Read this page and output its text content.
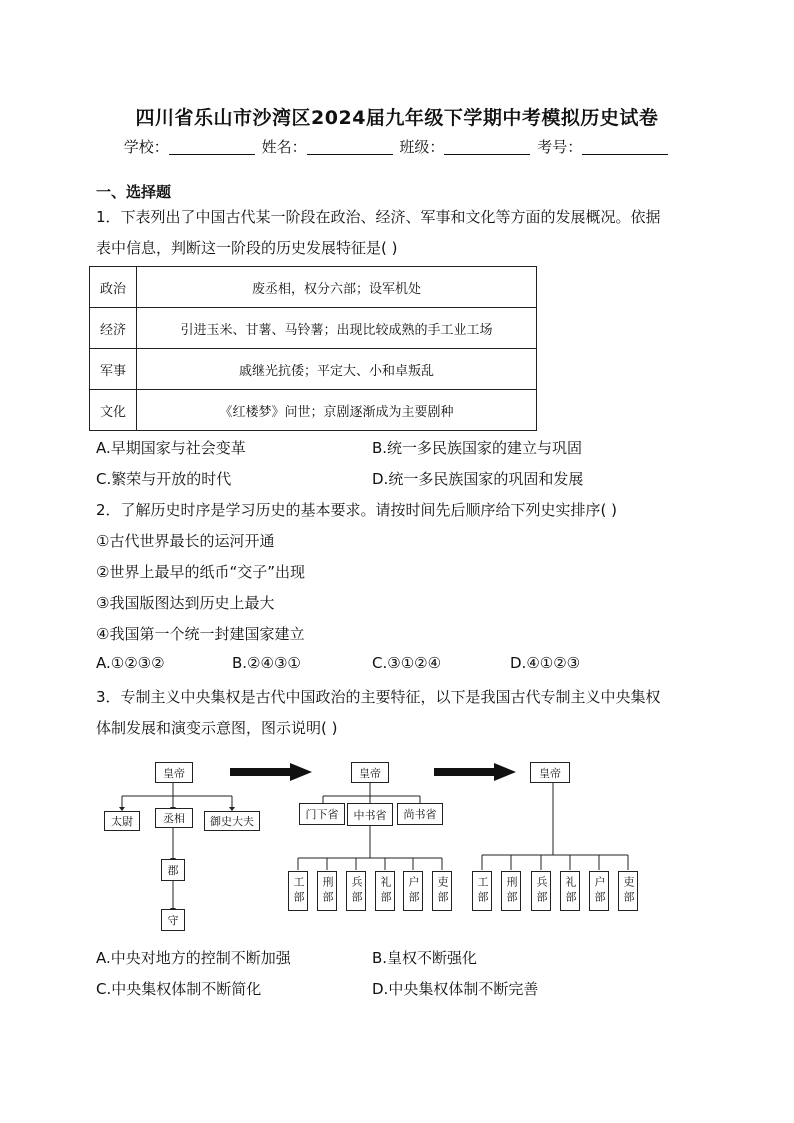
四川省乐山市沙湾区2024届九年级下学期中考模拟历史试卷
学校：	姓名：	班级：	考号：
一、选择题
1．下表列出了中国古代某一阶段在政治、经济、军事和文化等方面的发展概况。依据
表中信息，判断这一阶段的历史发展特征是( )
政治	废丞相，权分六部；设军机处
经济	引进玉米、甘薯、马铃薯；出现比较成熟的手工业工场
军事	戚继光抗倭；平定大、小和卓叛乱
文化	《红楼梦》问世；京剧逐渐成为主要剧种
A.早期国家与社会变革	B.统一多民族国家的建立与巩固
C.繁荣与开放的时代	D.统一多民族国家的巩固和发展
2．了解历史时序是学习历史的基本要求。请按时间先后顺序给下列史实排序( )
①古代世界最长的运河开通
②世界上最早的纸币“交子”出现
③我国版图达到历史上最大
④我国第一个统一封建国家建立
A.①②③②	B.②④③①	C.③①②④	D.④①②③
3．专制主义中央集权是古代中国政治的主要特征，以下是我国古代专制主义中央集权
体制发展和演变示意图，图示说明( )
皇帝
太尉	丞相	御史大夫
郡
守
皇帝
门下省	中书省	尚书省
工部	刑部	兵部	礼部	户部	吏部
皇帝
工部	刑部	兵部	礼部	户部	吏部
A.中央对地方的控制不断加强	B.皇权不断强化
C.中央集权体制不断简化	D.中央集权体制不断完善
